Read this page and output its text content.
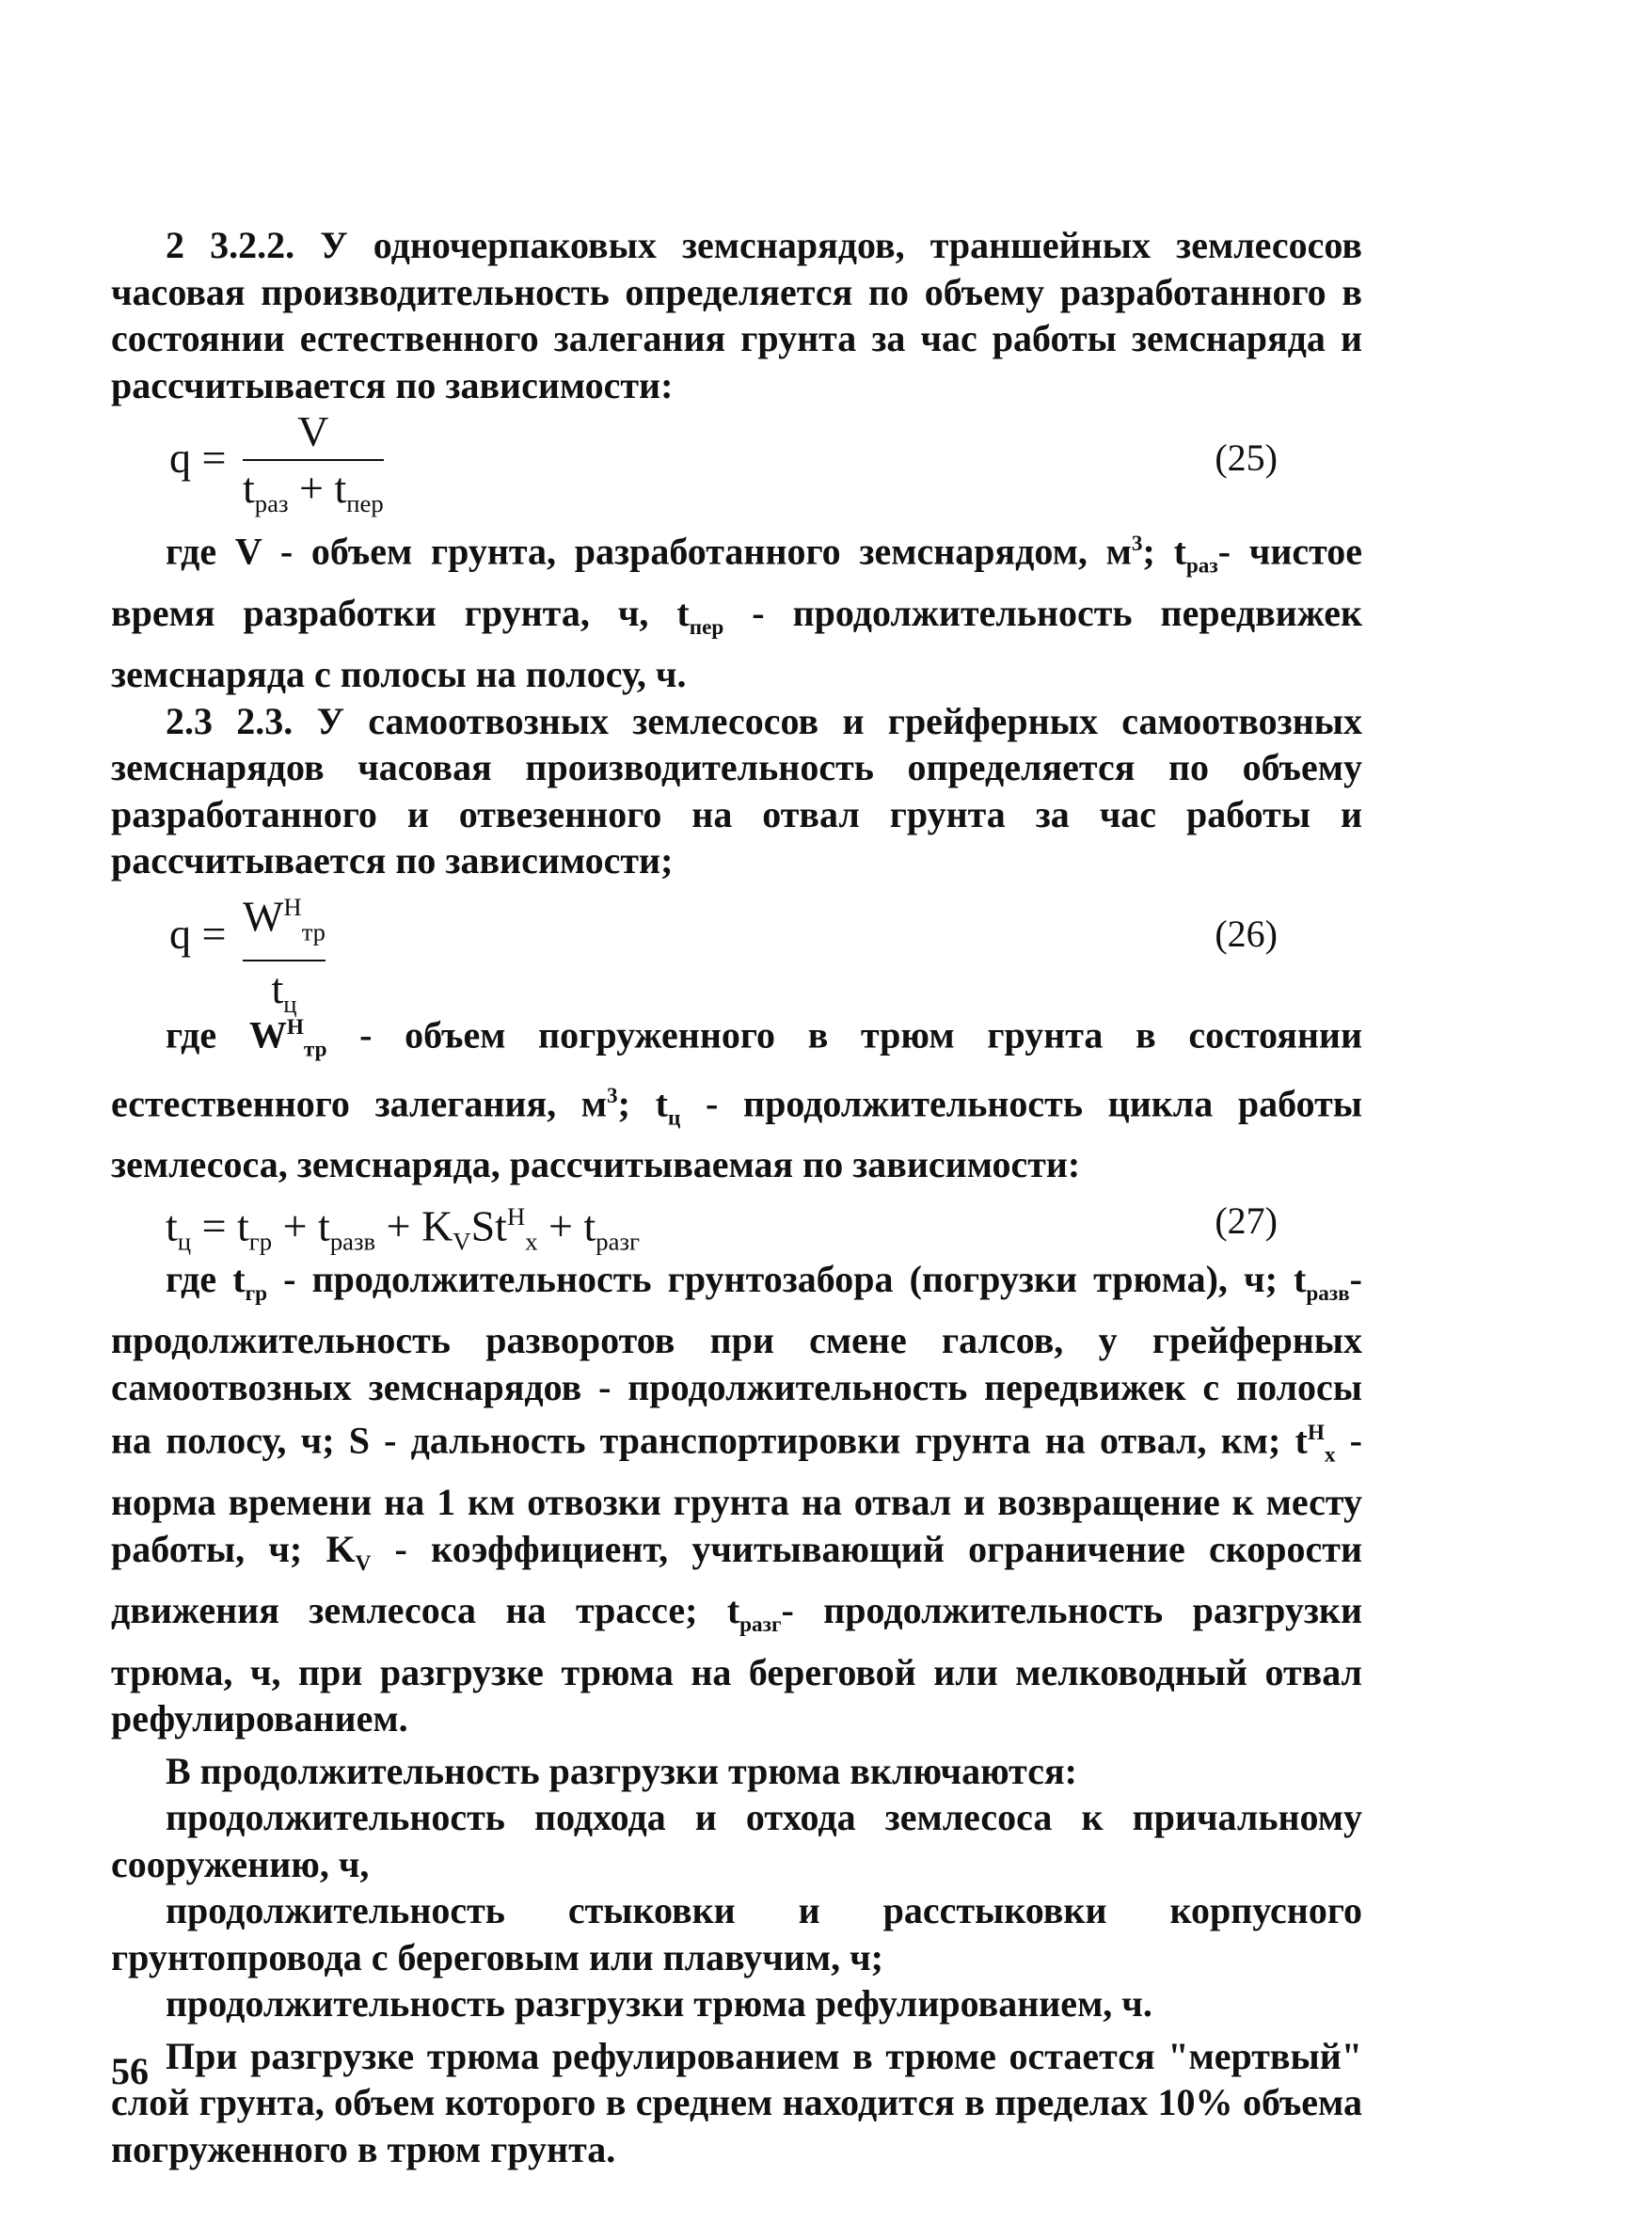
2 3.2.2. У одночерпаковых земснарядов, траншейных землесосов часовая производительность определяется по объему разработанного в состоянии естественного залегания грунта за час работы земснаряда и рассчитывается по зависимости:

q =
V
$t_{раз} + t_{пер}$
(25)

где V - объем грунта, разработанного земснарядом, $м^3$; $t_{раз}-$ чистое время разработки грунта, ч, $t_{пер}$ - продолжительность передвижек земснаряда с полосы на полосу, ч.

2.3 2.3. У самоотвозных землесосов и грейферных самоотвозных земснарядов часовая производительность определяется по объему разработанного и отвезенного на отвал грунта за час работы и рассчитывается по зависимости;

$q = W^Н_{тр}$
$t_ц$
(26)

где $W^Н_{тр}$ - объем погруженного в трюм грунта в состоянии естественного залегания, $м^3$; $t_ц$ - продолжительность цикла работы землесоса, земснаряда, рассчитываемая по зависимости:

$t_ц = t_{гр} + t_{разв} + K_VSt^Н_х + t_{разг}$	(27)

где $t_{гр}$ - продолжительность грунтозабора (погрузки трюма), ч; $t_{разв}-$ продолжительность разворотов при смене галсов, у грейферных самоотвозных земснарядов - продолжительность передвижек с полосы на полосу, ч; S - дальность транспортировки грунта на отвал, км; $t^Н_х$ - норма времени на 1 км отвозки грунта на отвал и возвращение к месту работы, ч; $K_V$ - коэффициент, учитывающий ограничение скорости движения землесоса на трассе; $t_{разг}-$ продолжительность разгрузки трюма, ч, при разгрузке трюма на береговой или мелководный отвал рефулированием.

В продолжительность разгрузки трюма включаются:

продолжительность подхода и отхода землесоса к причальному сооружению, ч,

продолжительность стыковки и расстыковки корпусного грунтопровода с береговым или плавучим, ч;

продолжительность разгрузки трюма рефулированием, ч.

При разгрузке трюма рефулированием в трюме остается "мертвый" слой грунта, объем которого в среднем находится в пределах 10% объема погруженного в трюм грунта.

56
